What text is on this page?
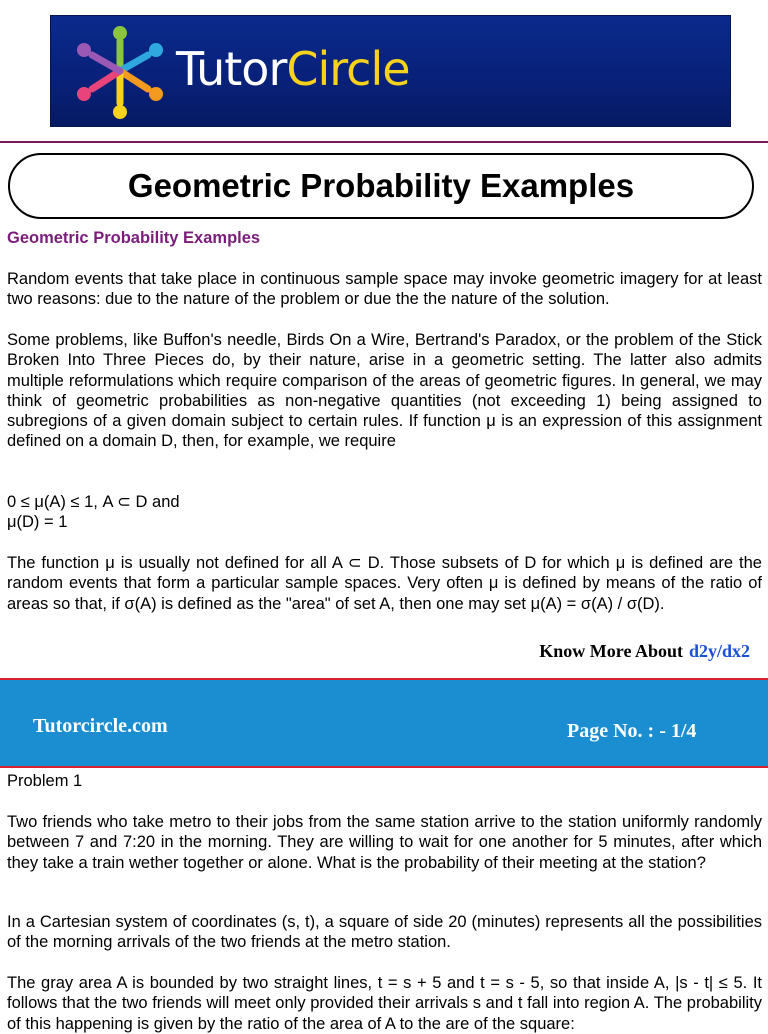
TutorCircle
Geometric Probability Examples
Geometric Probability Examples
Random events that take place in continuous sample space may invoke geometric imagery for at least two reasons: due to the nature of the problem or due the the nature of the solution.
Some problems, like Buffon's needle, Birds On a Wire, Bertrand's Paradox, or the problem of the Stick Broken Into Three Pieces do, by their nature, arise in a geometric setting. The latter also admits multiple reformulations which require comparison of the areas of geometric figures. In general, we may think of geometric probabilities as non-negative quantities (not exceeding 1) being assigned to subregions of a given domain subject to certain rules. If function μ is an expression of this assignment defined on a domain D, then, for example, we require
0 ≤ μ(A) ≤ 1, A ⊂ D and
μ(D) = 1
The function μ is usually not defined for all A ⊂ D. Those subsets of D for which μ is defined are the random events that form a particular sample spaces. Very often μ is defined by means of the ratio of areas so that, if σ(A) is defined as the "area" of set A, then one may set μ(A) = σ(A) / σ(D).
Know More About d2y/dx2
Tutorcircle.com	Page No. : - 1/4
Problem 1
Two friends who take metro to their jobs from the same station arrive to the station uniformly randomly between 7 and 7:20 in the morning. They are willing to wait for one another for 5 minutes, after which they take a train wether together or alone. What is the probability of their meeting at the station?
In a Cartesian system of coordinates (s, t), a square of side 20 (minutes) represents all the possibilities of the morning arrivals of the two friends at the metro station.
The gray area A is bounded by two straight lines, t = s + 5 and t = s - 5, so that inside A, |s - t| ≤ 5. It follows that the two friends will meet only provided their arrivals s and t fall into region A. The probability of this happening is given by the ratio of the area of A to the are of the square:
